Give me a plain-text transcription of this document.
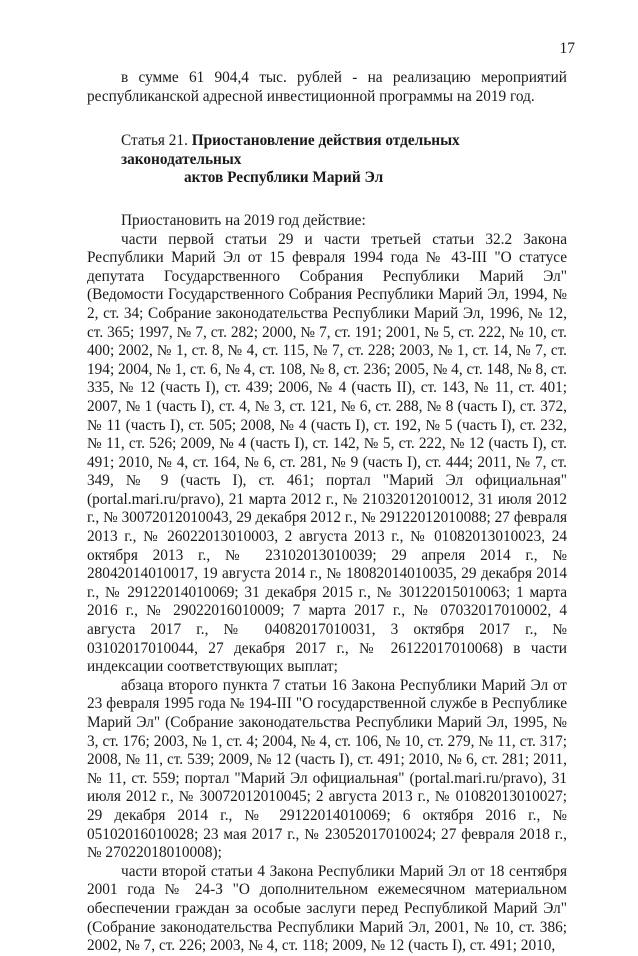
17

в сумме 61 904,4 тыс. рублей - на реализацию мероприятий республиканской адресной инвестиционной программы на 2019 год.

Статья 21. Приостановление действия отдельных законодательных
актов Республики Марий Эл

Приостановить на 2019 год действие:

части первой статьи 29 и части третьей статьи 32.2 Закона Республики Марий Эл от 15 февраля 1994 года № 43-III "О статусе депутата Государственного Собрания Республики Марий Эл" (Ведомости Государственного Собрания Республики Марий Эл, 1994, № 2, ст. 34; Собрание законодательства Республики Марий Эл, 1996, № 12, ст. 365; 1997, № 7, ст. 282; 2000, № 7, ст. 191; 2001, № 5, ст. 222, № 10, ст. 400; 2002, № 1, ст. 8, № 4, ст. 115, № 7, ст. 228; 2003, № 1, ст. 14, № 7, ст. 194; 2004, № 1, ст. 6, № 4, ст. 108, № 8, ст. 236; 2005, № 4, ст. 148, № 8, ст. 335, № 12 (часть I), ст. 439; 2006, № 4 (часть II), ст. 143, № 11, ст. 401; 2007, № 1 (часть I), ст. 4, № 3, ст. 121, № 6, ст. 288, № 8 (часть I), ст. 372, № 11 (часть I), ст. 505; 2008, № 4 (часть I), ст. 192, № 5 (часть I), ст. 232, № 11, ст. 526; 2009, № 4 (часть I), ст. 142, № 5, ст. 222, № 12 (часть I), ст. 491; 2010, № 4, ст. 164, № 6, ст. 281, № 9 (часть I), ст. 444; 2011, № 7, ст. 349, № 9 (часть I), ст. 461; портал "Марий Эл официальная" (portal.mari.ru/pravo), 21 марта 2012 г., № 21032012010012, 31 июля 2012 г., № 30072012010043, 29 декабря 2012 г., № 29122012010088; 27 февраля 2013 г., № 26022013010003, 2 августа 2013 г., № 01082013010023, 24 октября 2013 г., № 23102013010039; 29 апреля 2014 г., № 28042014010017, 19 августа 2014 г., № 18082014010035, 29 декабря 2014 г., № 29122014010069; 31 декабря 2015 г., № 30122015010063; 1 марта 2016 г., № 29022016010009; 7 марта 2017 г., № 07032017010002, 4 августа 2017 г., № 04082017010031, 3 октября 2017 г., № 03102017010044, 27 декабря 2017 г., № 26122017010068) в части индексации соответствующих выплат;

абзаца второго пункта 7 статьи 16 Закона Республики Марий Эл от 23 февраля 1995 года № 194-III "О государственной службе в Республике Марий Эл" (Собрание законодательства Республики Марий Эл, 1995, № 3, ст. 176; 2003, № 1, ст. 4; 2004, № 4, ст. 106, № 10, ст. 279, № 11, ст. 317; 2008, № 11, ст. 539; 2009, № 12 (часть I), ст. 491; 2010, № 6, ст. 281; 2011, № 11, ст. 559; портал "Марий Эл официальная" (portal.mari.ru/pravo), 31 июля 2012 г., № 30072012010045; 2 августа 2013 г., № 01082013010027; 29 декабря 2014 г., № 29122014010069; 6 октября 2016 г., № 05102016010028; 23 мая 2017 г., № 23052017010024; 27 февраля 2018 г., № 27022018010008);

части второй статьи 4 Закона Республики Марий Эл от 18 сентября 2001 года № 24-З "О дополнительном ежемесячном материальном обеспечении граждан за особые заслуги перед Республикой Марий Эл" (Собрание законодательства Республики Марий Эл, 2001, № 10, ст. 386; 2002, № 7, ст. 226; 2003, № 4, ст. 118; 2009, № 12 (часть I), ст. 491; 2010,
